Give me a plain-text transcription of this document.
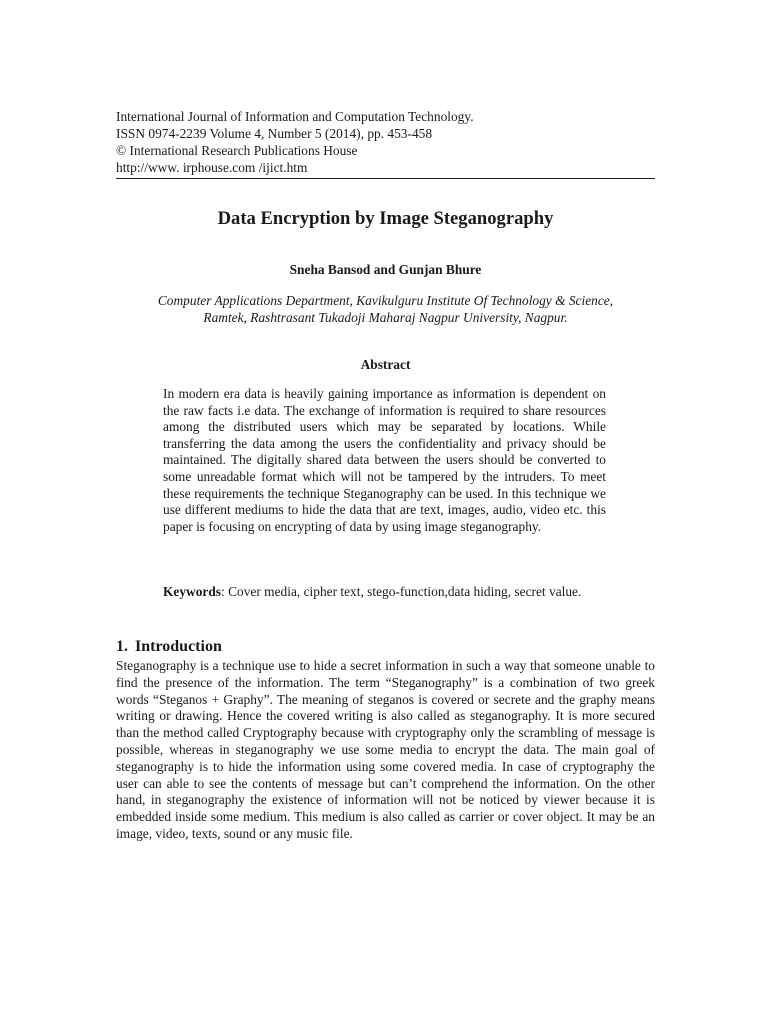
International Journal of Information and Computation Technology.
ISSN 0974-2239 Volume 4, Number 5 (2014), pp. 453-458
© International Research Publications House
http://www. irphouse.com /ijict.htm
Data Encryption by Image Steganography
Sneha Bansod and Gunjan Bhure
Computer Applications Department, Kavikulguru Institute Of Technology & Science,
Ramtek, Rashtrasant Tukadoji Maharaj Nagpur University, Nagpur.
Abstract
In modern era data is heavily gaining importance as information is dependent on the raw facts i.e data. The exchange of information is required to share resources among the distributed users which may be separated by locations. While transferring the data among the users the confidentiality and privacy should be maintained. The digitally shared data between the users should be converted to some unreadable format which will not be tampered by the intruders. To meet these requirements the technique Steganography can be used. In this technique we use different mediums to hide the data that are text, images, audio, video etc. this paper is focusing on encrypting of data by using image steganography.
Keywords: Cover media, cipher text, stego-function,data hiding, secret value.
1. Introduction
Steganography is a technique use to hide a secret information in such a way that someone unable to find the presence of the information. The term “Steganography” is a combination of two greek words “Steganos + Graphy”. The meaning of steganos is covered or secrete and the graphy means writing or drawing. Hence the covered writing is also called as steganography. It is more secured than the method called Cryptography because with cryptography only the scrambling of message is possible, whereas in steganography we use some media to encrypt the data. The main goal of steganography is to hide the information using some covered media. In case of cryptography the user can able to see the contents of message but can’t comprehend the information. On the other hand, in steganography the existence of information will not be noticed by viewer because it is embedded inside some medium. This medium is also called as carrier or cover object. It may be an image, video, texts, sound or any music file.
